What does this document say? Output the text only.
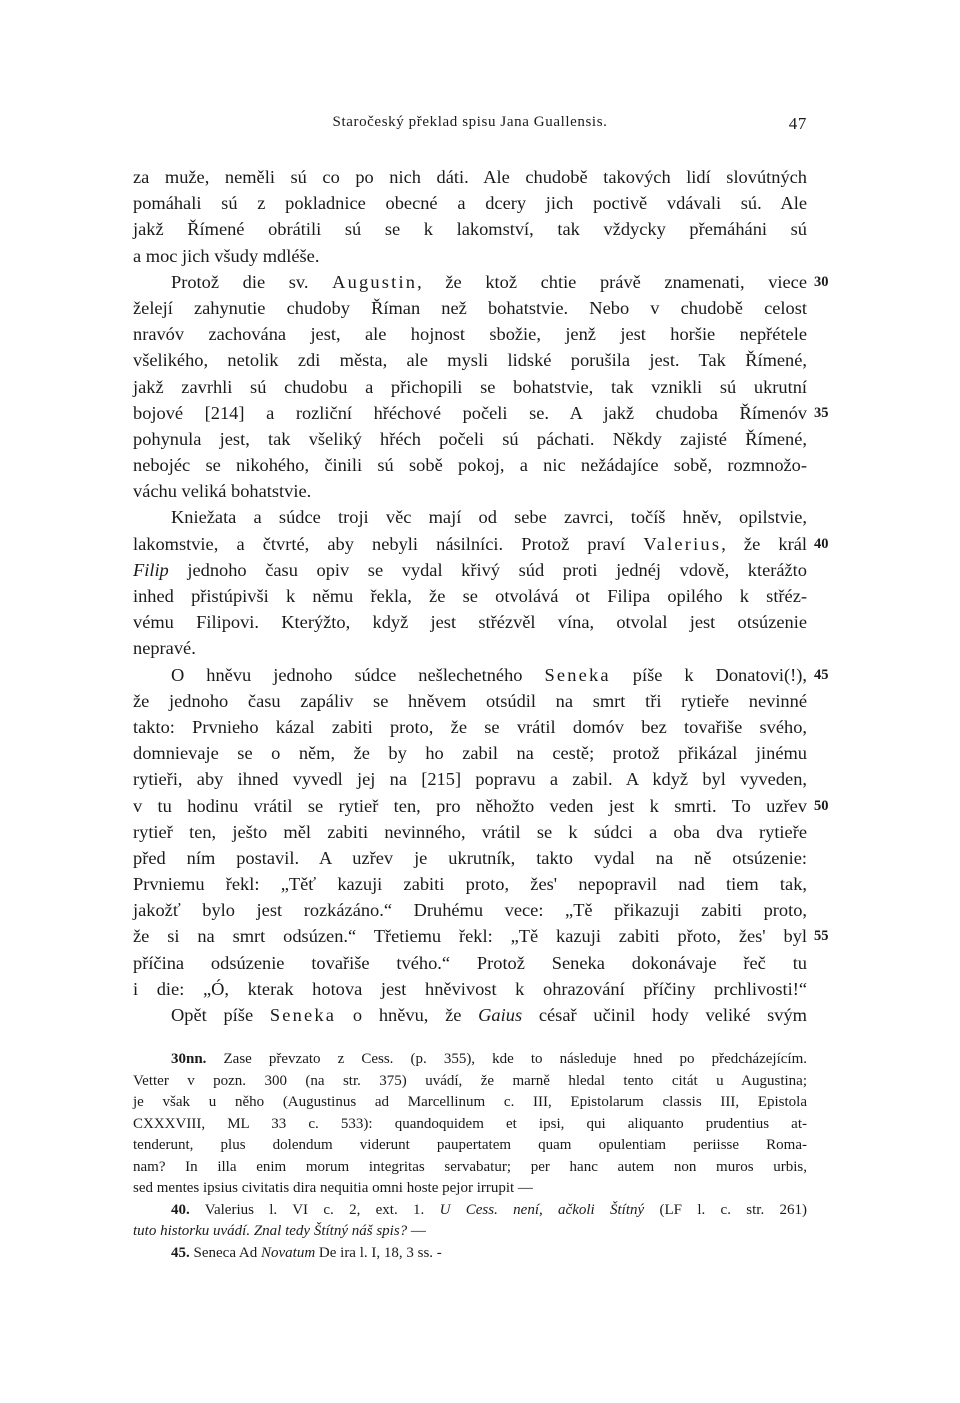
Staročeský překlad spisu Jana Guallensis.	47
za muže, neměli sú co po nich dáti. Ale chudobě takových lidí slovútných
pomáhali sú z pokladnice obecné a dcery jich poctivě vdávali sú. Ale
jakž Římené obrátili sú se k lakomství, tak vždycky přemáháni sú
a moc jich všudy mdléše.
Protož die sv. Augustin, že ktož chtie právě znamenati, viece 30
želejí zahynutie chudoby Říman než bohatstvie. Nebo v chudobě celost
nravóv zachována jest, ale hojnost sbožie, jenž jest horšie nepřétele
všelikého, netolik zdi města, ale mysli lidské porušila jest. Tak Římené,
jakž zavrhli sú chudobu a přichopili se bohatstvie, tak vznikli sú ukrutní
bojové [214] a rozliční hřéchové počeli se. A jakž chudoba Římenóv 35
pohynula jest, tak všeliký hřéch počeli sú páchati. Někdy zajisté Římené,
nebojéc se nikohého, činili sú sobě pokoj, a nic nežádajíce sobě, rozmnožo-
váchu veliká bohatstvie.
Kniežata a súdce troji věc mají od sebe zavrci, točíš hněv, opilstvie,
lakomstvie, a čtvrté, aby nebyli násilníci. Protož praví Valerius, že král 40
Filip jednoho času opiv se vydal křivý súd proti jednéj vdově, kterážto
inhed přistúpivši k němu řekla, že se otvolává ot Filipa opilého k střéz-
vému Filipovi. Kterýžto, když jest střézvěl vína, otvolal jest otsúzenie
nepravé.
O hněvu jednoho súdce nešlechetného Seneka píše k Donatovi(!), 45
že jednoho času zapáliv se hněvem otsúdil na smrt tři rytieře nevinné
takto: Prvnieho kázal zabiti proto, že se vrátil domóv bez tovařiše svého,
domnievaje se o něm, že by ho zabil na cestě; protož přikázal jinému
rytieři, aby ihned vyvedl jej na [215] popravu a zabil. A když byl vyveden,
v tu hodinu vrátil se rytieř ten, pro něhožto veden jest k smrti. To uzřev 50
rytieř ten, ješto měl zabiti nevinného, vrátil se k súdci a oba dva rytieře
před ním postavil. A uzřev je ukrutník, takto vydal na ně otsúzenie:
Prvniemu řekl: „Těť kazuji zabiti proto, žes' nepopravil nad tiem tak,
jakožť bylo jest rozkázáno.“ Druhému vece: „Tě přikazuji zabiti proto,
že si na smrt odsúzen.“ Třetiemu řekl: „Tě kazuji zabiti přoto, žes' byl 55
příčina odsúzenie tovařiše tvého.“ Protož Seneka dokonávaje řeč tu
i die: „Ó, kterak hotova jest hněvivost k ohrazování příčiny prchlivosti!“
Opět píše Seneka o hněvu, že Gaius césař učinil hody veliké svým
30nn. Zase převzato z Cess. (p. 355), kde to následuje hned po předcházejícím.
Vetter v pozn. 300 (na str. 375) uvádí, že marně hledal tento citát u Augustina;
je však u něho (Augustinus ad Marcellinum c. III, Epistolarum classis III, Epistola
CXXXVIII, ML 33 c. 533): quandoquidem et ipsi, qui aliquanto prudentius at-
tenderunt, plus dolendum viderunt paupertatem quam opulentiam periisse Roma-
nam? In illa enim morum integritas servabatur; per hanc autem non muros urbis,
sed mentes ipsius civitatis dira nequitia omni hoste pejor irrupit —
40. Valerius l. VI c. 2, ext. 1. U Cess. není, ačkoli Štítný (LF l. c. str. 261)
tuto historku uvádí. Znal tedy Štítný náš spis? —
45. Seneca Ad Novatum De ira l. I, 18, 3 ss. -
